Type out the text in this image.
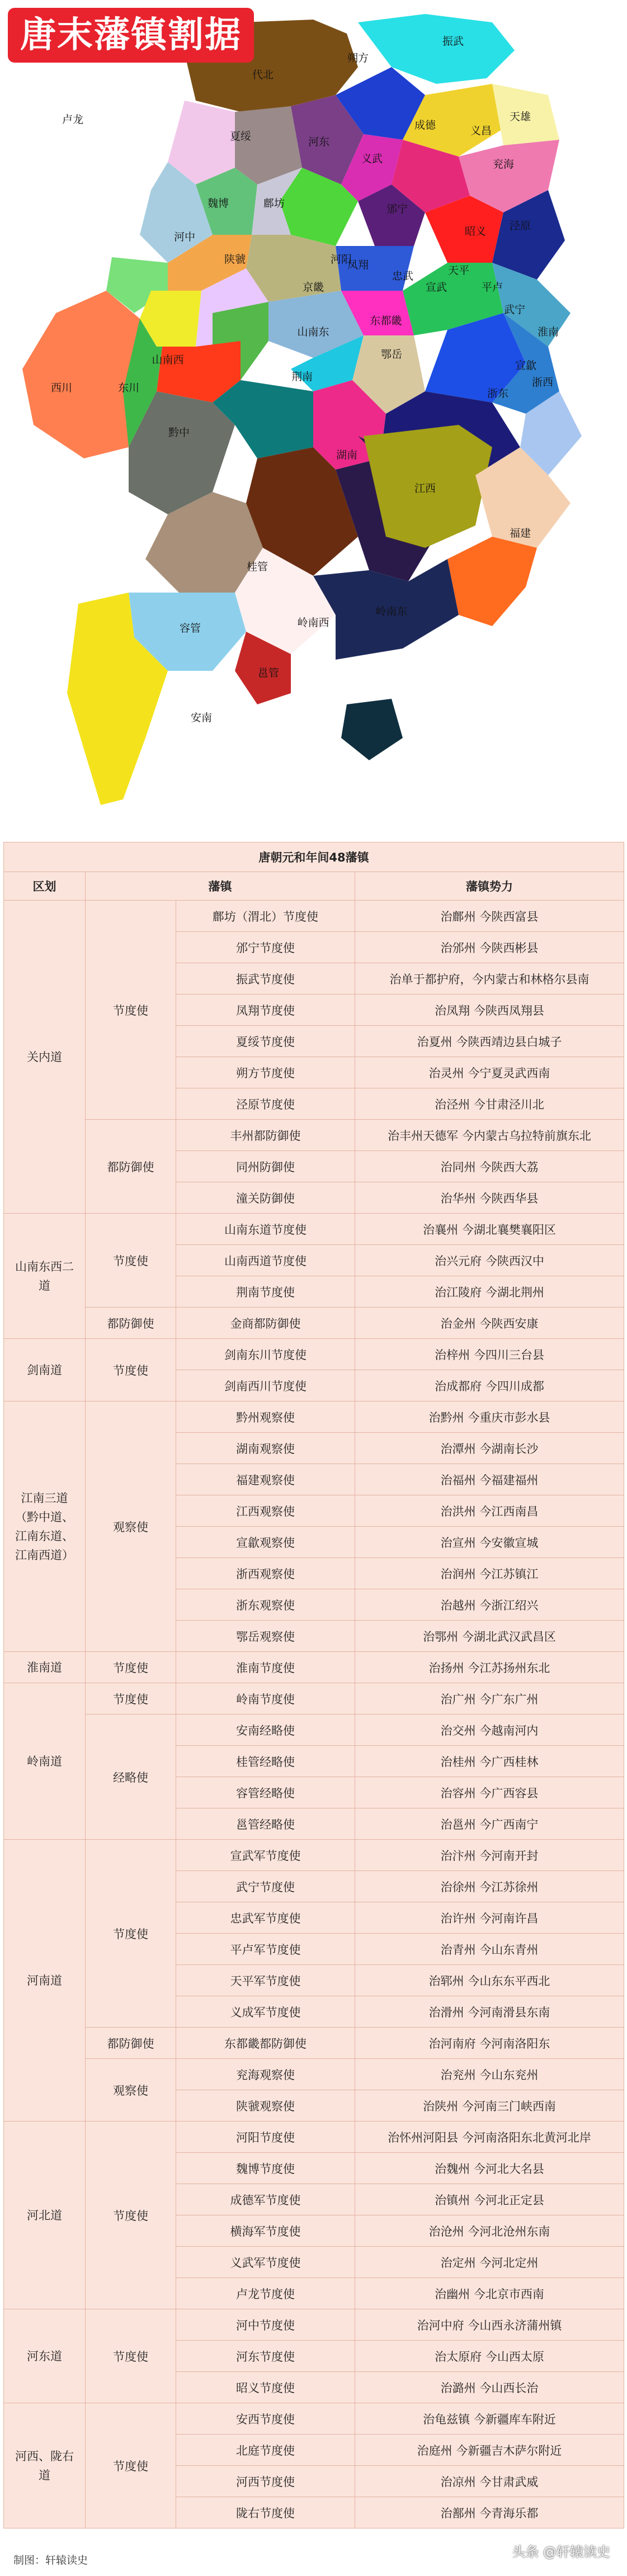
代北
卢龙
夏绥	河东
义武
成德	义昌
天雄
魏博	鄜坊	邠宁
昭义 泾原
凤翔
京畿
河阳
宣武
忠武	天平
平卢
武宁
山南东	淮南
浙西
浙东
宣歙
鄂岳
荆南
西川	东川
黔中
湖南
江西
福建
桂管
岭南西
邕管
岭南东
容管
安南
山南西
朔方
振武
河中
兖海
陕虢
东都畿
唐末藩镇割据
唐朝元和年间48藩镇			
区划	藩镇		藩镇势力
关内道	节度使	鄜坊（渭北）节度使	治鄜州 今陕西富县
		邠宁节度使	治邠州 今陕西彬县
		振武节度使	治单于都护府，今内蒙古和林格尔县南
		凤翔节度使	治凤翔 今陕西凤翔县
		夏绥节度使	治夏州 今陕西靖边县白城子
		朔方节度使	治灵州 今宁夏灵武西南
		泾原节度使	治泾州 今甘肃泾川北
	都防御使	丰州都防御使	治丰州天德军 今内蒙古乌拉特前旗东北
		同州防御使	治同州 今陕西大荔
		潼关防御使	治华州 今陕西华县
山南东西二
道	节度使	山南东道节度使	治襄州 今湖北襄樊襄阳区
		山南西道节度使	治兴元府 今陕西汉中
		荆南节度使	治江陵府 今湖北荆州
	都防御使	金商都防御使	治金州 今陕西安康
剑南道	节度使	剑南东川节度使	治梓州 今四川三台县
		剑南西川节度使	治成都府 今四川成都
江南三道
（黔中道、
江南东道、
江南西道）	观察使	黔州观察使	治黔州 今重庆市彭水县
		湖南观察使	治潭州 今湖南长沙
		福建观察使	治福州 今福建福州
		江西观察使	治洪州 今江西南昌
		宣歙观察使	治宣州 今安徽宣城
		浙西观察使	治润州 今江苏镇江
		浙东观察使	治越州 今浙江绍兴
		鄂岳观察使	治鄂州 今湖北武汉武昌区
淮南道	节度使	淮南节度使	治扬州 今江苏扬州东北
岭南道	节度使	岭南节度使	治广州 今广东广州
	经略使	安南经略使	治交州 今越南河内
		桂管经略使	治桂州 今广西桂林
		容管经略使	治容州 今广西容县
		邕管经略使	治邕州 今广西南宁
河南道	节度使	宣武军节度使	治汴州 今河南开封
		武宁节度使	治徐州 今江苏徐州
		忠武军节度使	治许州 今河南许昌
		平卢军节度使	治青州 今山东青州
		天平军节度使	治郓州 今山东东平西北
		义成军节度使	治滑州 今河南滑县东南
	都防御使	东都畿都防御使	治河南府 今河南洛阳东
	观察使	兖海观察使	治兖州 今山东兖州
		陕虢观察使	治陕州 今河南三门峡西南
河北道	节度使	河阳节度使	治怀州河阳县 今河南洛阳东北黄河北岸
		魏博节度使	治魏州 今河北大名县
		成德军节度使	治镇州 今河北正定县
		横海军节度使	治沧州 今河北沧州东南
		义武军节度使	治定州 今河北定州
		卢龙节度使	治幽州 今北京市西南
河东道	节度使	河中节度使	治河中府 今山西永济蒲州镇
		河东节度使	治太原府 今山西太原
		昭义节度使	治潞州 今山西长治
河西、陇右
道	节度使	安西节度使	治龟兹镇 今新疆库车附近
		北庭节度使	治庭州 今新疆吉木萨尔附近
		河西节度使	治凉州 今甘肃武威
		陇右节度使	治鄯州 今青海乐都
制图：轩辕读史
头条 @轩辕读史
